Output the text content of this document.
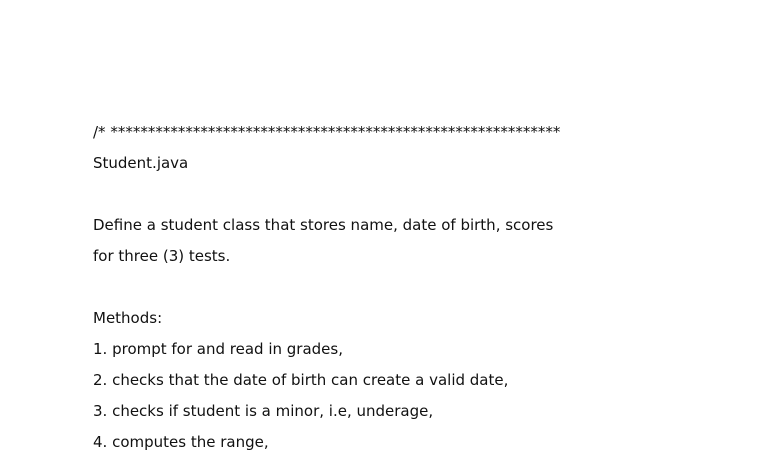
/* ************************************************************
Student.java
Define a student class that stores name, date of birth, scores
for three (3) tests.
Methods:
1. prompt for and read in grades,
2. checks that the date of birth can create a valid date,
3. checks if student is a minor, i.e, underage,
4. computes the range,
